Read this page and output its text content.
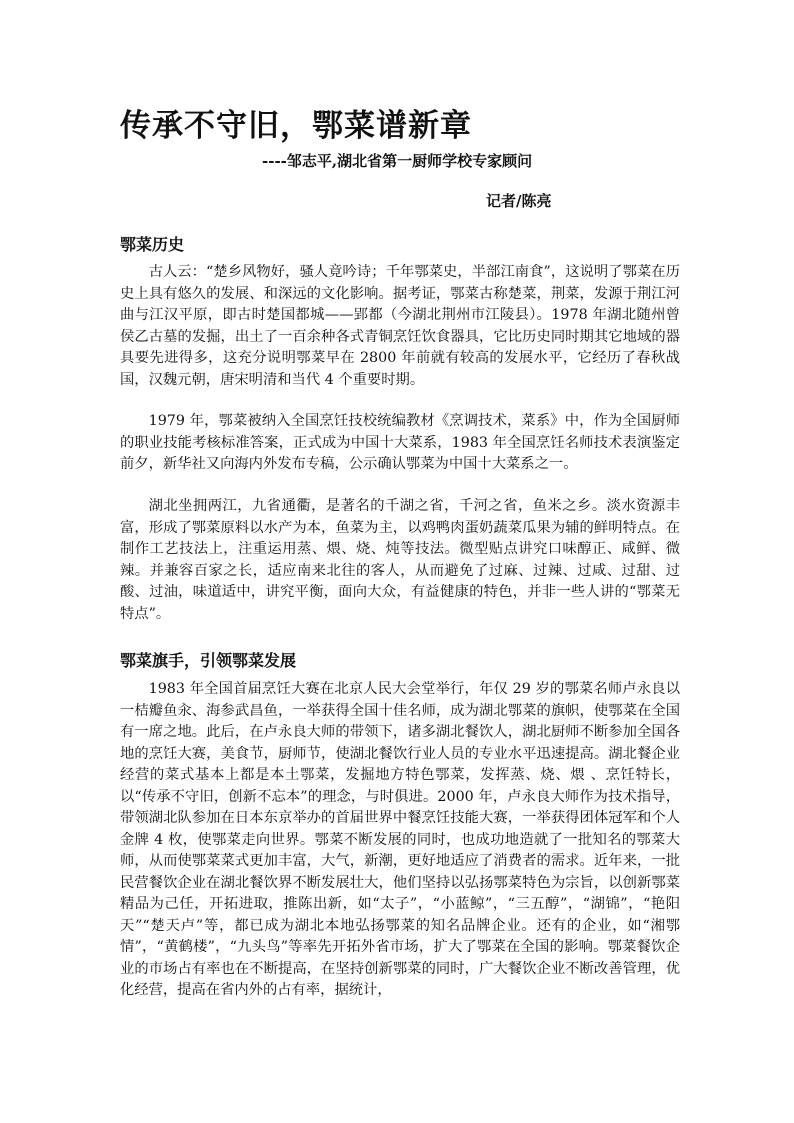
传承不守旧，鄂菜谱新章
----邹志平,湖北省第一厨师学校专家顾问
记者/陈亮
鄂菜历史

古人云：“楚乡风物好，骚人竟吟诗；千年鄂菜史，半部江南食”，这说明了鄂菜在历史上具有悠久的发展、和深远的文化影响。据考证，鄂菜古称楚菜，荆菜，发源于荆江河曲与江汉平原，即古时楚国都城——郢都（今湖北荆州市江陵县）。1978 年湖北随州曾侯乙古墓的发掘，出土了一百余种各式青铜烹饪饮食器具，它比历史同时期其它地域的器具要先进得多，这充分说明鄂菜早在 2800 年前就有较高的发展水平，它经历了春秋战国，汉魏元朝，唐宋明清和当代 4 个重要时期。

1979 年，鄂菜被纳入全国烹饪技校统编教材《烹调技术，菜系》中，作为全国厨师的职业技能考核标准答案，正式成为中国十大菜系，1983 年全国烹饪名师技术表演鉴定前夕，新华社又向海内外发布专稿，公示确认鄂菜为中国十大菜系之一。

湖北坐拥两江，九省通衢，是著名的千湖之省，千河之省，鱼米之乡。淡水资源丰富，形成了鄂菜原料以水产为本，鱼菜为主，以鸡鸭肉蛋奶蔬菜瓜果为辅的鲜明特点。在制作工艺技法上，注重运用蒸、煨、烧、炖等技法。微型贴点讲究口味醇正、咸鲜、微辣。并兼容百家之长，适应南来北往的客人，从而避免了过麻、过辣、过咸、过甜、过酸、过油，味道适中，讲究平衡，面向大众，有益健康的特色，并非一些人讲的“鄂菜无特点”。

鄂菜旗手，引领鄂菜发展

1983 年全国首届烹饪大赛在北京人民大会堂举行，年仅 29 岁的鄂菜名师卢永良以一桔瓣鱼汆、海参武昌鱼，一举获得全国十佳名师，成为湖北鄂菜的旗帜，使鄂菜在全国有一席之地。此后，在卢永良大师的带领下，诸多湖北餐饮人，湖北厨师不断参加全国各地的烹饪大赛，美食节，厨师节，使湖北餐饮行业人员的专业水平迅速提高。湖北餐企业经营的菜式基本上都是本土鄂菜，发掘地方特色鄂菜，发挥蒸、烧、煨 、烹饪特长，以“传承不守旧，创新不忘本”的理念，与时俱进。2000 年，卢永良大师作为技术指导，带领湖北队参加在日本东京举办的首届世界中餐烹饪技能大赛，一举获得团体冠军和个人金牌 4 枚，使鄂菜走向世界。鄂菜不断发展的同时，也成功地造就了一批知名的鄂菜大师，从而使鄂菜菜式更加丰富，大气，新潮，更好地适应了消费者的需求。近年来，一批民营餐饮企业在湖北餐饮界不断发展壮大，他们坚持以弘扬鄂菜特色为宗旨，以创新鄂菜精品为己任，开拓进取，推陈出新，如“太子”，“小蓝鲸”，“三五醇”，“湖锦”，“艳阳天”“楚天卢”等，都已成为湖北本地弘扬鄂菜的知名品牌企业。还有的企业，如“湘鄂情”，“黄鹤楼”，“九头鸟”等率先开拓外省市场，扩大了鄂菜在全国的影响。鄂菜餐饮企业的市场占有率也在不断提高，在坚持创新鄂菜的同时，广大餐饮企业不断改善管理，优化经营，提高在省内外的占有率，据统计，
